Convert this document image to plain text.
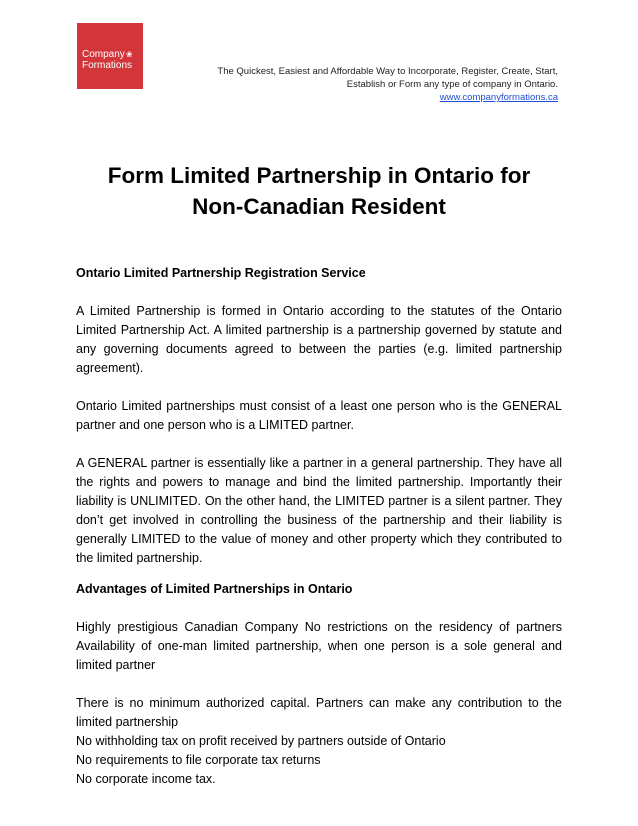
Company❀
Formations
The Quickest, Easiest and Affordable Way to Incorporate, Register, Create, Start,
Establish or Form any type of company in Ontario.
www.companyformations.ca
Form Limited Partnership in Ontario for
Non-Canadian Resident

Ontario Limited Partnership Registration Service

A Limited Partnership is formed in Ontario according to the statutes of the Ontario Limited Partnership Act. A limited partnership is a partnership governed by statute and any governing documents agreed to between the parties (e.g. limited partnership agreement).

Ontario Limited partnerships must consist of a least one person who is the GENERAL partner and one person who is a LIMITED partner.

A GENERAL partner is essentially like a partner in a general partnership. They have all the rights and powers to manage and bind the limited partnership. Importantly their liability is UNLIMITED. On the other hand, the LIMITED partner is a silent partner. They don’t get involved in controlling the business of the partnership and their liability is generally LIMITED to the value of money and other property which they contributed to the limited partnership.

Advantages of Limited Partnerships in Ontario

Highly prestigious Canadian Company No restrictions on the residency of partners Availability of one-man limited partnership, when one person is a sole general and limited partner

There is no minimum authorized capital. Partners can make any contribution to the limited partnership

No withholding tax on profit received by partners outside of Ontario

No requirements to file corporate tax returns

No corporate income tax.
